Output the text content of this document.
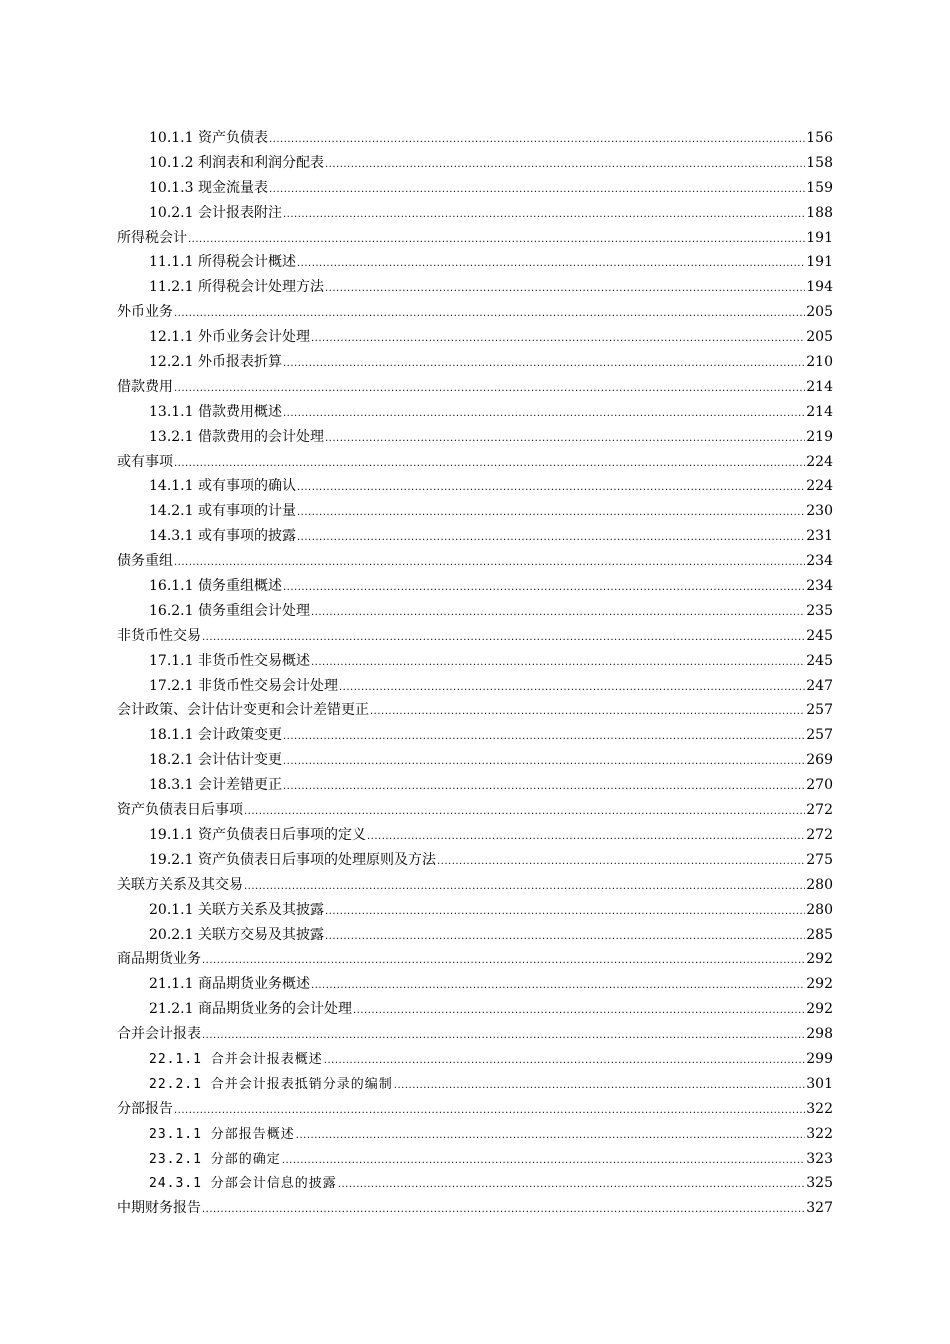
10.1.1 资产负债表 .....	156
10.1.2 利润表和利润分配表 .....	158
10.1.3 现金流量表 .....	159
10.2.1 会计报表附注 .....	188
所得税会计 .....	191
11.1.1 所得税会计概述 .....	191
11.2.1 所得税会计处理方法 .....	194
外币业务 .....	205
12.1.1 外币业务会计处理 .....	205
12.2.1 外币报表折算 .....	210
借款费用 .....	214
13.1.1 借款费用概述 .....	214
13.2.1 借款费用的会计处理 .....	219
或有事项 .....	224
14.1.1 或有事项的确认 .....	224
14.2.1 或有事项的计量 .....	230
14.3.1 或有事项的披露 .....	231
债务重组 .....	234
16.1.1 债务重组概述 .....	234
16.2.1 债务重组会计处理 .....	235
非货币性交易 .....	245
17.1.1 非货币性交易概述 .....	245
17.2.1 非货币性交易会计处理 .....	247
会计政策、会计估计变更和会计差错更正 .....	257
18.1.1 会计政策变更 .....	257
18.2.1 会计估计变更 .....	269
18.3.1 会计差错更正 .....	270
资产负债表日后事项 .....	272
19.1.1 资产负债表日后事项的定义 .....	272
19.2.1 资产负债表日后事项的处理原则及方法 .....	275
关联方关系及其交易 .....	280
20.1.1 关联方关系及其披露 .....	280
20.2.1 关联方交易及其披露 .....	285
商品期货业务 .....	292
21.1.1 商品期货业务概述 .....	292
21.2.1 商品期货业务的会计处理 .....	292
合并会计报表 .....	298
22.1.1 合并会计报表概述 .....	299
22.2.1 合并会计报表抵销分录的编制 .....	301
分部报告 .....	322
23.1.1 分部报告概述 .....	322
23.2.1 分部的确定 .....	323
24.3.1 分部会计信息的披露 .....	325
中期财务报告 .....	327
